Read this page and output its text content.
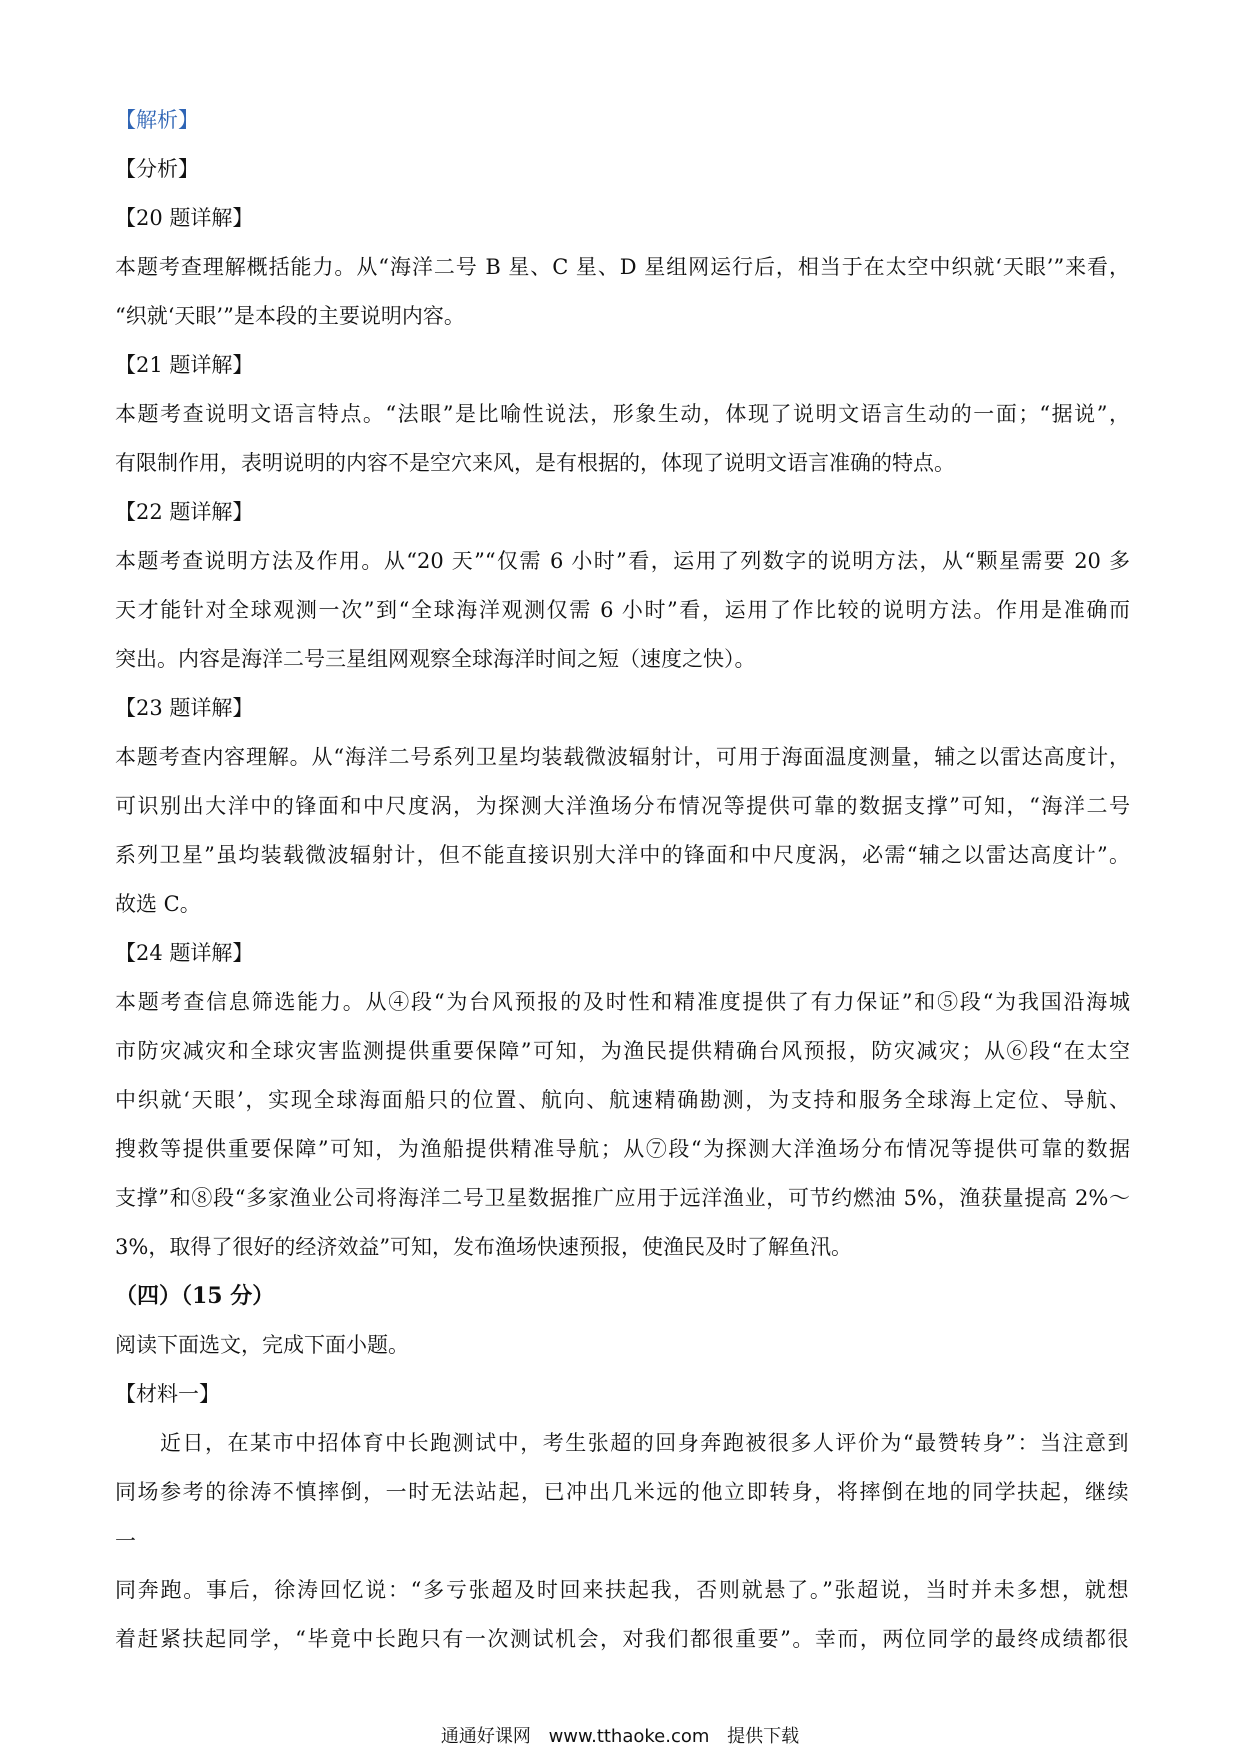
【解析】
【分析】
【20 题详解】
本题考查理解概括能力。从“海洋二号 B 星、C 星、D 星组网运行后，相当于在太空中织就‘天眼’”来看，
“织就‘天眼’”是本段的主要说明内容。
【21 题详解】
本题考查说明文语言特点。“法眼”是比喻性说法，形象生动，体现了说明文语言生动的一面；“据说”，
有限制作用，表明说明的内容不是空穴来风，是有根据的，体现了说明文语言准确的特点。
【22 题详解】
本题考查说明方法及作用。从“20 天”“仅需 6 小时”看，运用了列数字的说明方法，从“颗星需要 20 多
天才能针对全球观测一次”到“全球海洋观测仅需 6 小时”看，运用了作比较的说明方法。作用是准确而
突出。内容是海洋二号三星组网观察全球海洋时间之短（速度之快）。
【23 题详解】
本题考查内容理解。从“海洋二号系列卫星均装载微波辐射计，可用于海面温度测量，辅之以雷达高度计，
可识别出大洋中的锋面和中尺度涡，为探测大洋渔场分布情况等提供可靠的数据支撑”可知，“海洋二号
系列卫星”虽均装载微波辐射计，但不能直接识别大洋中的锋面和中尺度涡，必需“辅之以雷达高度计”。
故选 C。
【24 题详解】
本题考查信息筛选能力。从④段“为台风预报的及时性和精准度提供了有力保证”和⑤段“为我国沿海城
市防灾减灾和全球灾害监测提供重要保障”可知，为渔民提供精确台风预报，防灾减灾；从⑥段“在太空
中织就‘天眼’，实现全球海面船只的位置、航向、航速精确勘测，为支持和服务全球海上定位、导航、
搜救等提供重要保障”可知，为渔船提供精准导航；从⑦段“为探测大洋渔场分布情况等提供可靠的数据
支撑”和⑧段“多家渔业公司将海洋二号卫星数据推广应用于远洋渔业，可节约燃油 5%，渔获量提高 2%～
3%，取得了很好的经济效益”可知，发布渔场快速预报，使渔民及时了解鱼汛。
（四）（15 分）
阅读下面选文，完成下面小题。
【材料一】
近日，在某市中招体育中长跑测试中，考生张超的回身奔跑被很多人评价为“最赞转身”：当注意到
同场参考的徐涛不慎摔倒，一时无法站起，已冲出几米远的他立即转身，将摔倒在地的同学扶起，继续一
同奔跑。事后，徐涛回忆说：“多亏张超及时回来扶起我，否则就悬了。”张超说，当时并未多想，就想
着赶紧扶起同学，“毕竟中长跑只有一次测试机会，对我们都很重要”。幸而，两位同学的最终成绩都很
通通好课网 www.tthaoke.com 提供下载
